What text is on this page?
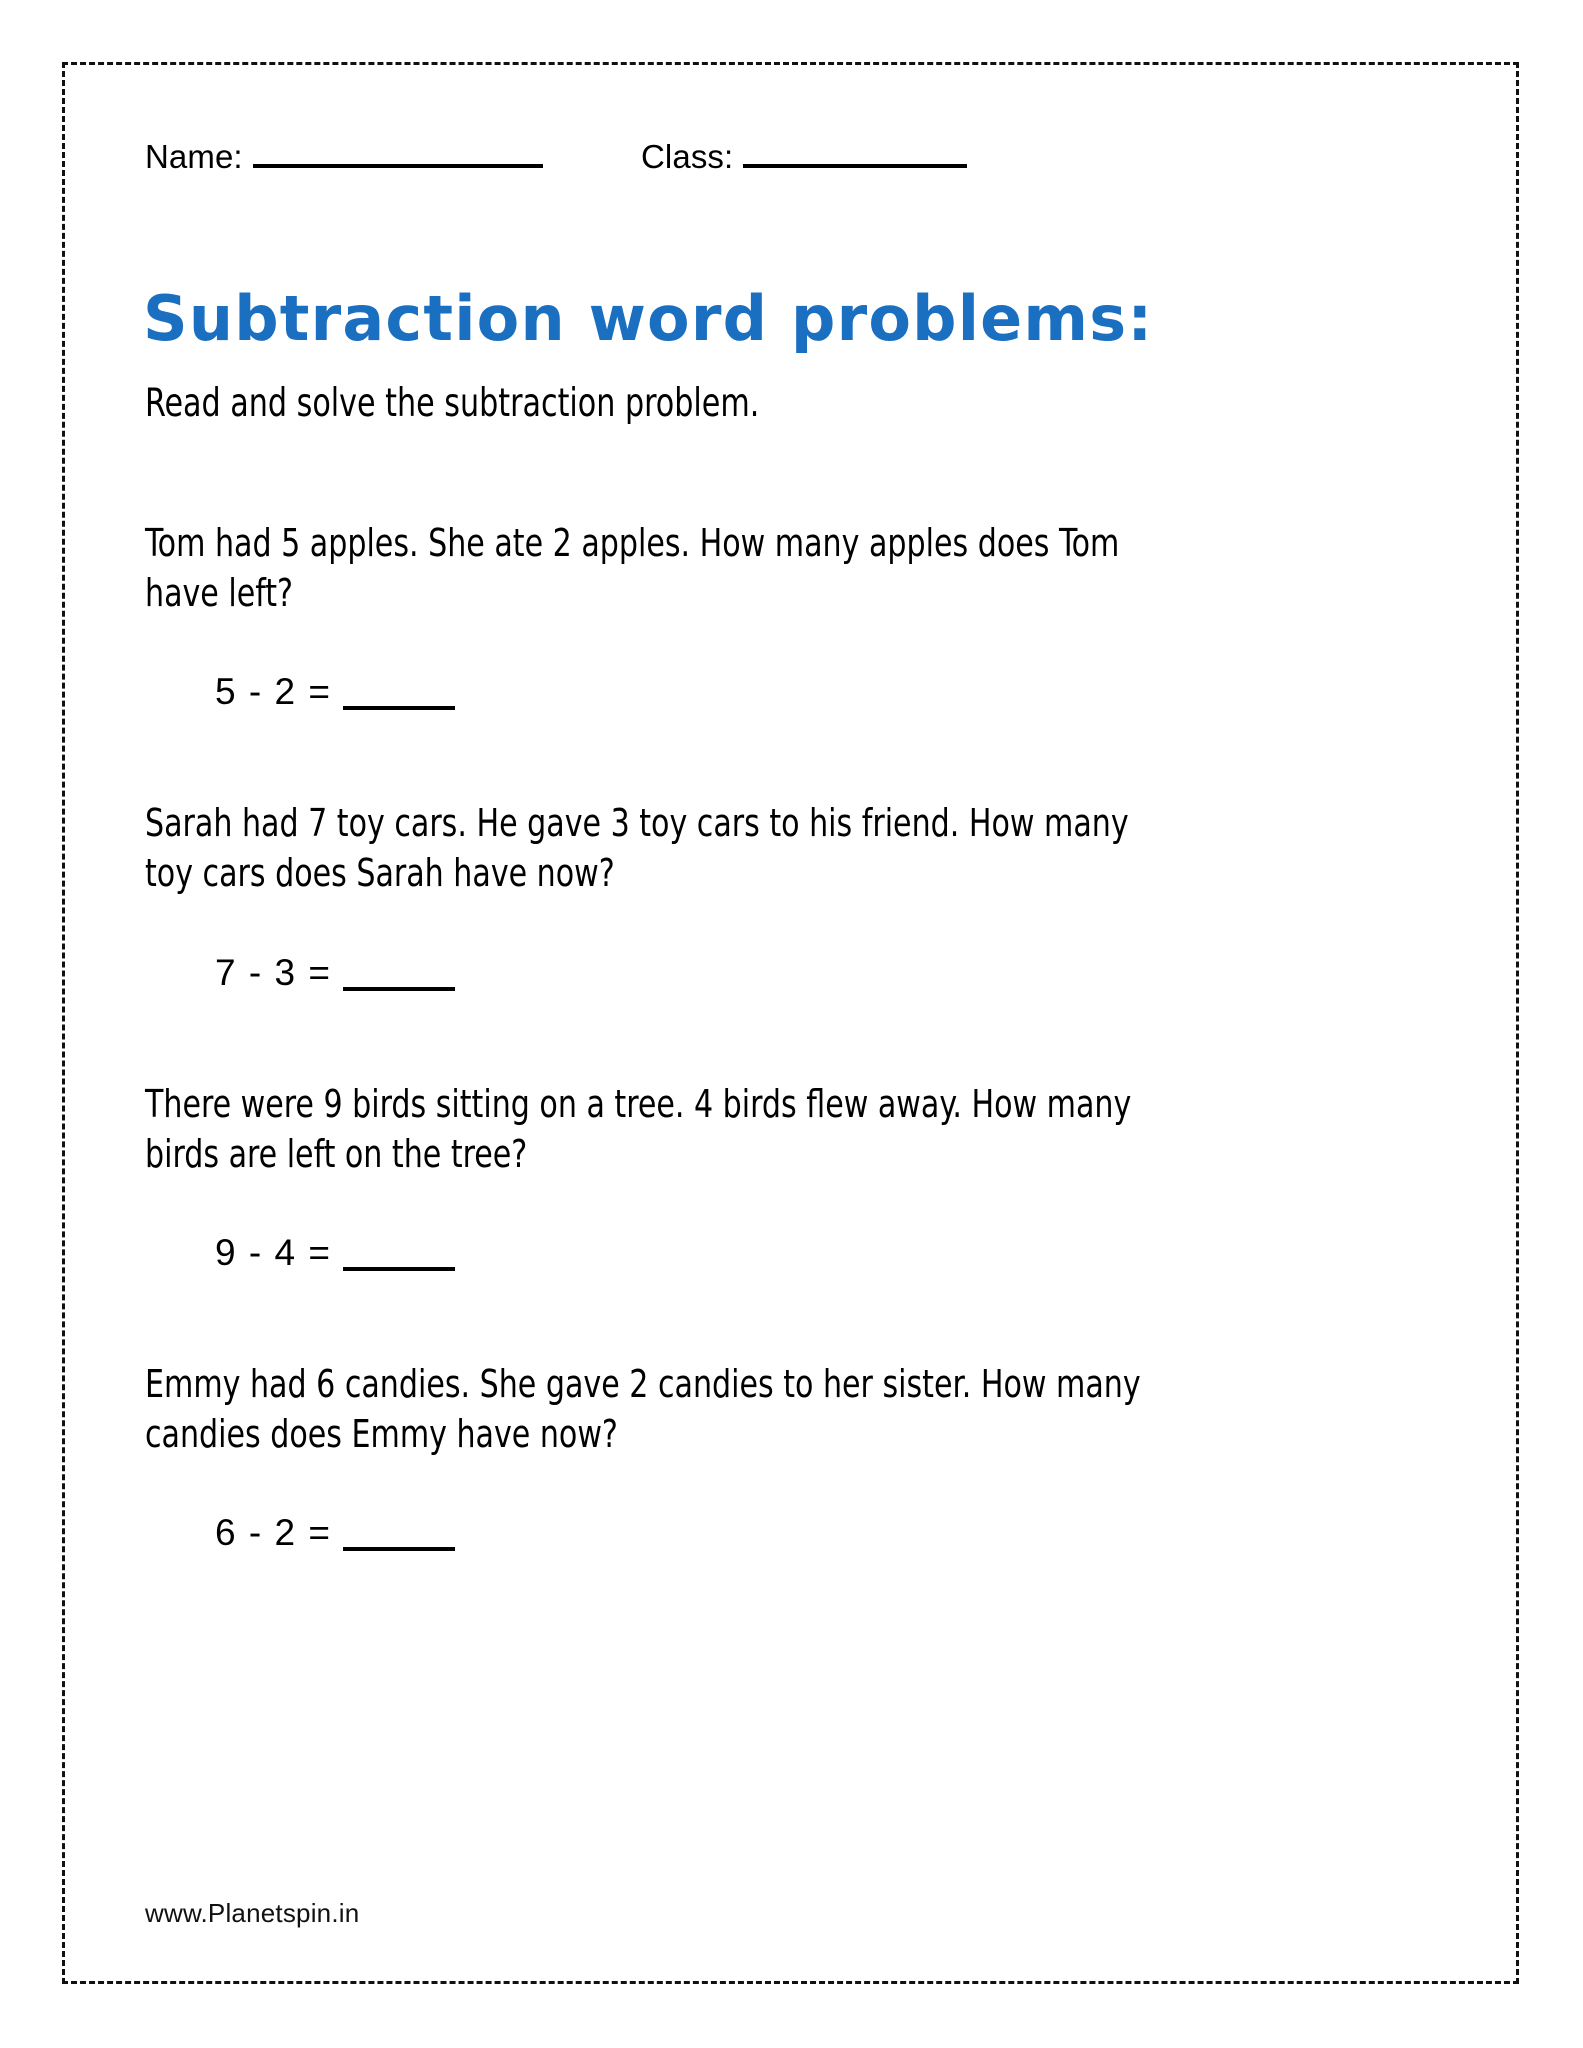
Name:	Class:
Subtraction word problems:
Read and solve the subtraction problem.
Tom had 5 apples. She ate 2 apples. How many apples does Tom have left?
5 - 2 =
Sarah had 7 toy cars. He gave 3 toy cars to his friend. How many toy cars does Sarah have now?
7 - 3 =
There were 9 birds sitting on a tree. 4 birds flew away. How many birds are left on the tree?
9 - 4 =
Emmy had 6 candies. She gave 2 candies to her sister. How many candies does Emmy have now?
6 - 2 =
www.Planetspin.in
